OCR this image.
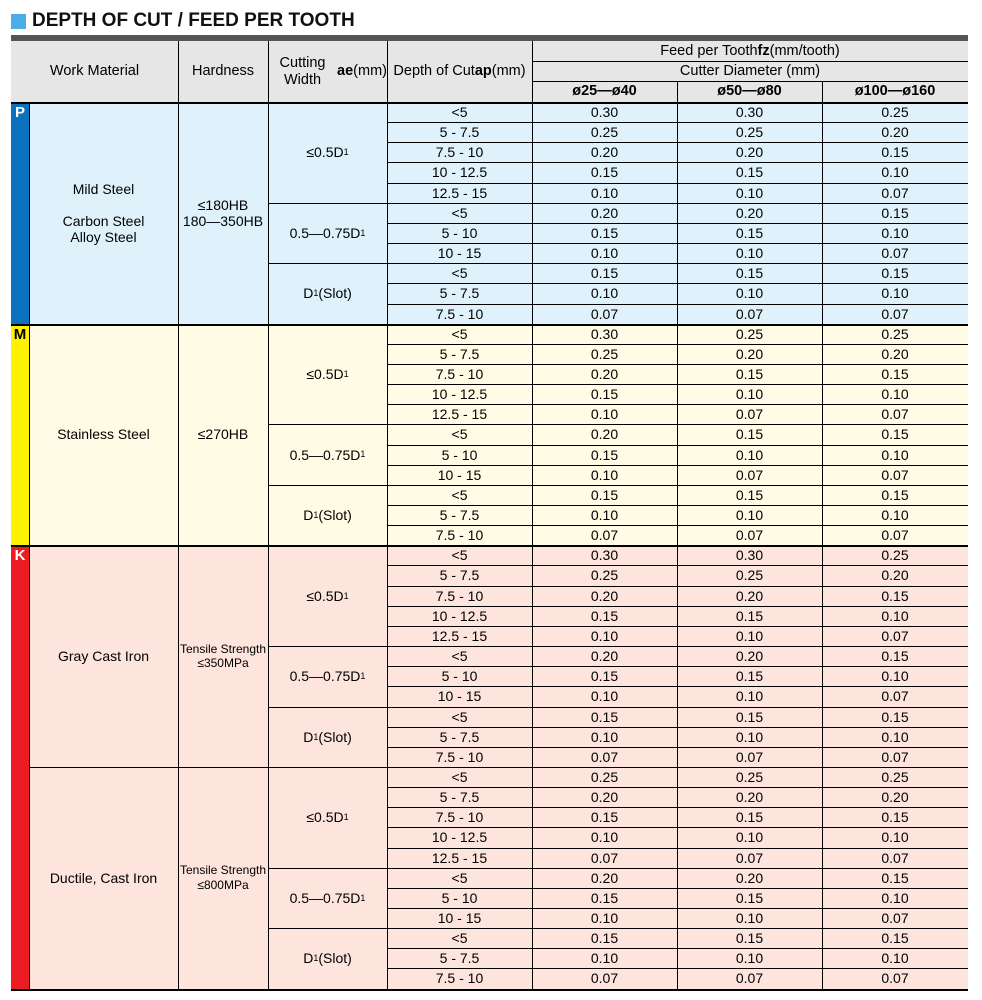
DEPTH OF CUT / FEED PER TOOTH
Work Material	Hardness
Cutting Width

ae (mm) Depth of Cut ap (mm)
Feed per Tooth fz (mm/tooth)
Cutter Diameter (mm)
ø25—ø40	ø50—ø80	ø100—ø160
P
Mild Steel

Carbon Steel
Alloy Steel
≤180HB
180—350HB
≤0.5D 1
<5	0.30	0.30	0.25
5 - 7.5	0.25	0.25	0.20
7.5 - 10	0.20	0.20	0.15
10 - 12.5	0.15	0.15	0.10
12.5 - 15	0.10	0.10	0.07
0.5—0.75D 1
<5	0.20	0.20	0.15
5 - 10	0.15	0.15	0.10
10 - 15	0.10	0.10	0.07
D 1 (Slot)
<5	0.15	0.15	0.15
5 - 7.5	0.10	0.10	0.10
7.5 - 10	0.07	0.07	0.07
M
Stainless Steel	≤270HB
≤0.5D 1
<5	0.30	0.25	0.25
5 - 7.5	0.25	0.20	0.20
7.5 - 10	0.20	0.15	0.15
10 - 12.5	0.15	0.10	0.10
12.5 - 15	0.10	0.07	0.07
0.5—0.75D 1
<5	0.20	0.15	0.15
5 - 10	0.15	0.10	0.10
10 - 15	0.10	0.07	0.07
D 1 (Slot)
<5	0.15	0.15	0.15
5 - 7.5	0.10	0.10	0.10
7.5 - 10	0.07	0.07	0.07
K
Gray Cast Iron	Tensile Strength
≤350MPa
≤0.5D 1
<5	0.30	0.30	0.25
5 - 7.5	0.25	0.25	0.20
7.5 - 10	0.20	0.20	0.15
10 - 12.5	0.15	0.15	0.10
12.5 - 15	0.10	0.10	0.07
0.5—0.75D 1
<5	0.20	0.20	0.15
5 - 10	0.15	0.15	0.10
10 - 15	0.10	0.10	0.07
D 1 (Slot)
<5	0.15	0.15	0.15
5 - 7.5	0.10	0.10	0.10
7.5 - 10	0.07	0.07	0.07
Ductile, Cast Iron	Tensile Strength
≤800MPa
≤0.5D 1
<5	0.25	0.25	0.25
5 - 7.5	0.20	0.20	0.20
7.5 - 10	0.15	0.15	0.15
10 - 12.5	0.10	0.10	0.10
12.5 - 15	0.07	0.07	0.07
0.5—0.75D 1
<5	0.20	0.20	0.15
5 - 10	0.15	0.15	0.10
10 - 15	0.10	0.10	0.07
D 1 (Slot)
<5	0.15	0.15	0.15
5 - 7.5	0.10	0.10	0.10
7.5 - 10	0.07	0.07	0.07
